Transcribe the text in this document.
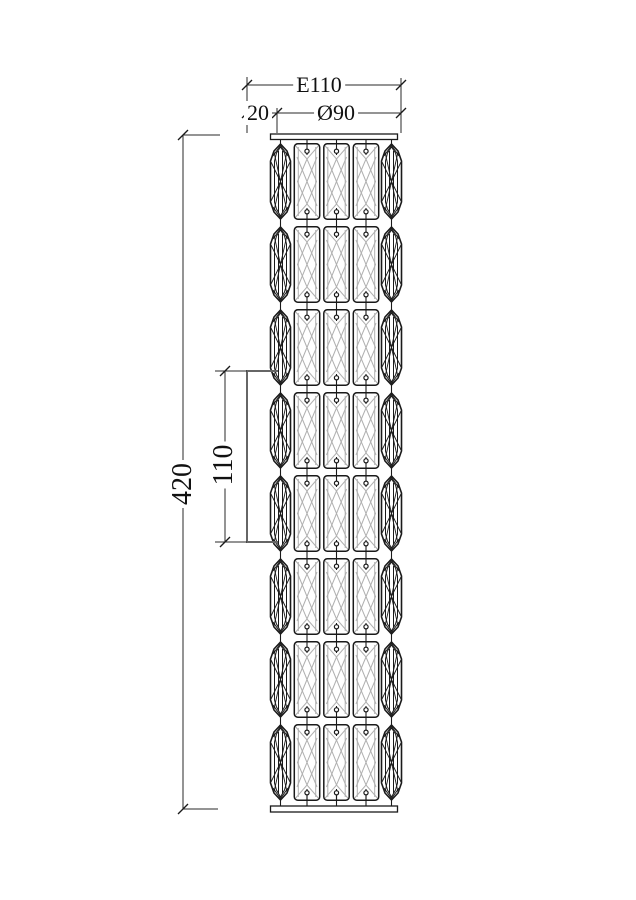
E110
Ø90
20
420 110
